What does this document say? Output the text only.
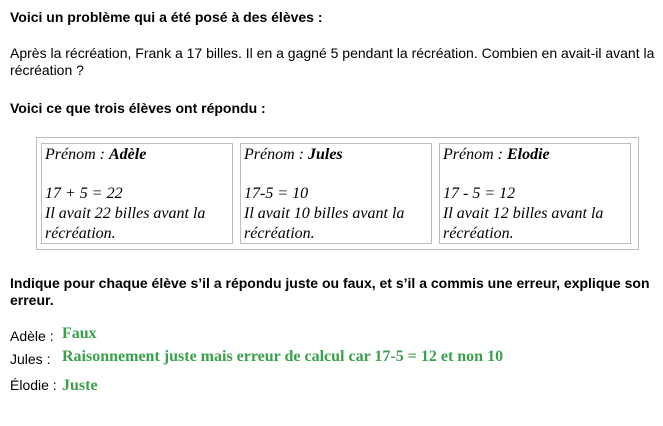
Voici un problème qui a été posé à des élèves :
Après la récréation, Frank a 17 billes. Il en a gagné 5 pendant la récréation. Combien en avait-il avant la récréation ?
Voici ce que trois élèves ont répondu :
Prénom : Adèle
17 + 5 = 22
Il avait 22 billes avant la récréation.
Prénom : Jules
17-5 = 10
Il avait 10 billes avant la récréation.
Prénom : Elodie
17 - 5 = 12
Il avait 12 billes avant la récréation.
Indique pour chaque élève s’il a répondu juste ou faux, et s’il a commis une erreur, explique son erreur.
Adèle : Faux
Jules : Raisonnement juste mais erreur de calcul car 17-5 = 12 et non 10
Élodie : Juste
